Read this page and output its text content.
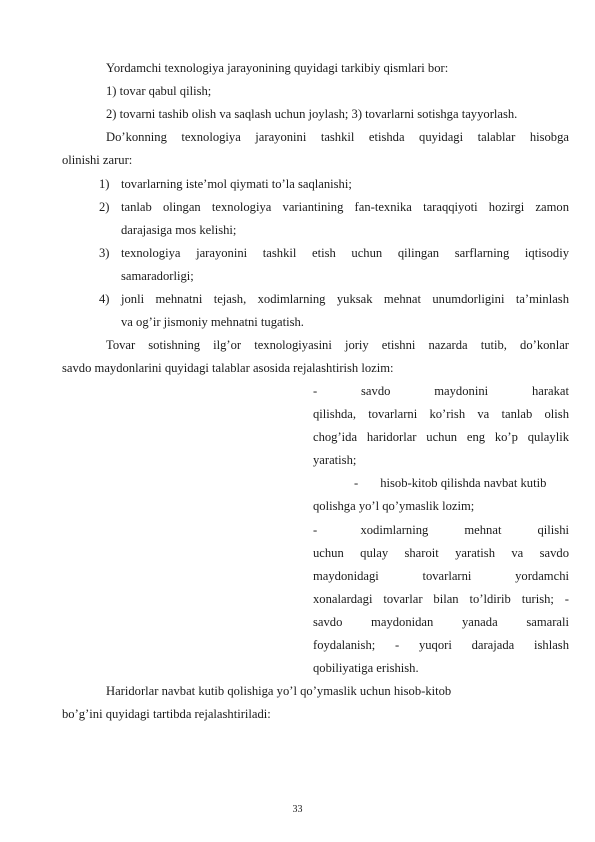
Yordamchi texnologiya jarayonining quyidagi tarkibiy qismlari bor:
1) tovar qabul qilish;
2) tovarni tashib olish va saqlash uchun joylash; 3) tovarlarni sotishga tayyorlash.
Do’konning texnologiya jarayonini tashkil etishda quyidagi talablar hisobga
olinishi zarur:
1) tovarlarning iste’mol qiymati to’la saqlanishi;
2) tanlab olingan texnologiya variantining fan-texnika taraqqiyoti hozirgi zamon
darajasiga mos kelishi;
3) texnologiya jarayonini tashkil etish uchun qilingan sarflarning iqtisodiy
samaradorligi;
4) jonli mehnatni tejash, xodimlarning yuksak mehnat unumdorligini ta’minlash
va og’ir jismoniy mehnatni tugatish.
Tovar sotishning ilg’or texnologiyasini joriy etishni nazarda tutib, do’konlar
savdo maydonlarini quyidagi talablar asosida rejalashtirish lozim:
-      savdo      maydonini      harakat
qilishda, tovarlarni ko’rish va tanlab olish
chog’ida haridorlar uchun eng ko’p qulaylik
yaratish;
-       hisob-kitob qilishda navbat kutib
qolishga yo’l qo’ymaslik lozim;
-      xodimlarning     mehnat     qilishi
uchun qulay sharoit yaratish va savdo
maydonidagi      tovarlarni      yordamchi
xonalardagi tovarlar bilan to’ldirib turish; -
savdo     maydonidan     yanada     samarali
foydalanish; - yuqori darajada ishlash
qobiliyatiga erishish.
Haridorlar navbat kutib qolishiga yo’l qo’ymaslik uchun hisob-kitob
bo’g’ini quyidagi tartibda rejalashtiriladi:
33
